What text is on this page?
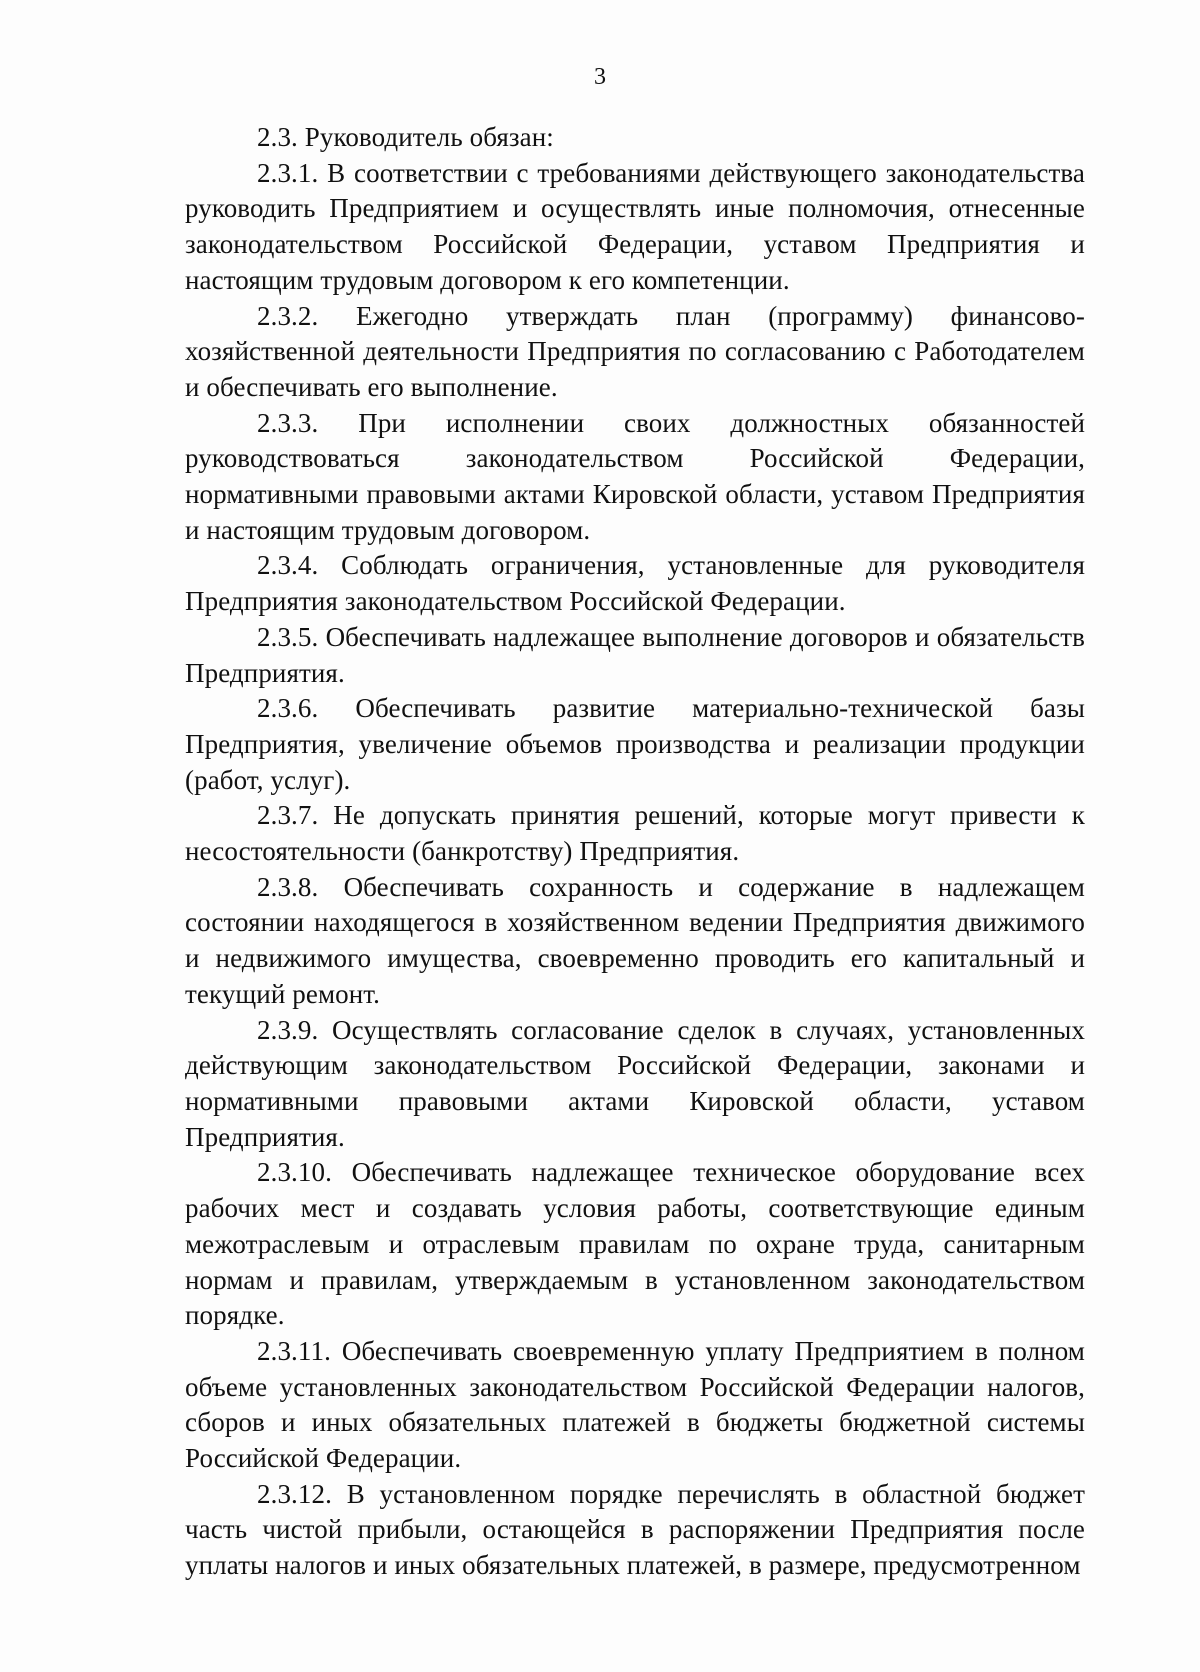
3

2.3. Руководитель обязан:

2.3.1. В соответствии с требованиями действующего законодательства руководить Предприятием и осуществлять иные полномочия, отнесенные законодательством Российской Федерации, уставом Предприятия и настоящим трудовым договором к его компетенции.

2.3.2. Ежегодно утверждать план (программу) финансово-хозяйственной деятельности Предприятия по согласованию с Работодателем и обеспечивать его выполнение.

2.3.3. При исполнении своих должностных обязанностей руководствоваться законодательством Российской Федерации, нормативными правовыми актами Кировской области, уставом Предприятия и настоящим трудовым договором.

2.3.4. Соблюдать ограничения, установленные для руководителя Предприятия законодательством Российской Федерации.

2.3.5. Обеспечивать надлежащее выполнение договоров и обязательств Предприятия.

2.3.6. Обеспечивать развитие материально-технической базы Предприятия, увеличение объемов производства и реализации продукции (работ, услуг).

2.3.7. Не допускать принятия решений, которые могут привести к несостоятельности (банкротству) Предприятия.

2.3.8. Обеспечивать сохранность и содержание в надлежащем состоянии находящегося в хозяйственном ведении Предприятия движимого и недвижимого имущества, своевременно проводить его капитальный и текущий ремонт.

2.3.9. Осуществлять согласование сделок в случаях, установленных действующим законодательством Российской Федерации, законами и нормативными правовыми актами Кировской области, уставом Предприятия.

2.3.10. Обеспечивать надлежащее техническое оборудование всех рабочих мест и создавать условия работы, соответствующие единым межотраслевым и отраслевым правилам по охране труда, санитарным нормам и правилам, утверждаемым в установленном законодательством порядке.

2.3.11. Обеспечивать своевременную уплату Предприятием в полном объеме установленных законодательством Российской Федерации налогов, сборов и иных обязательных платежей в бюджеты бюджетной системы Российской Федерации.

2.3.12. В установленном порядке перечислять в областной бюджет часть чистой прибыли, остающейся в распоряжении Предприятия после уплаты налогов и иных обязательных платежей, в размере, предусмотренном
